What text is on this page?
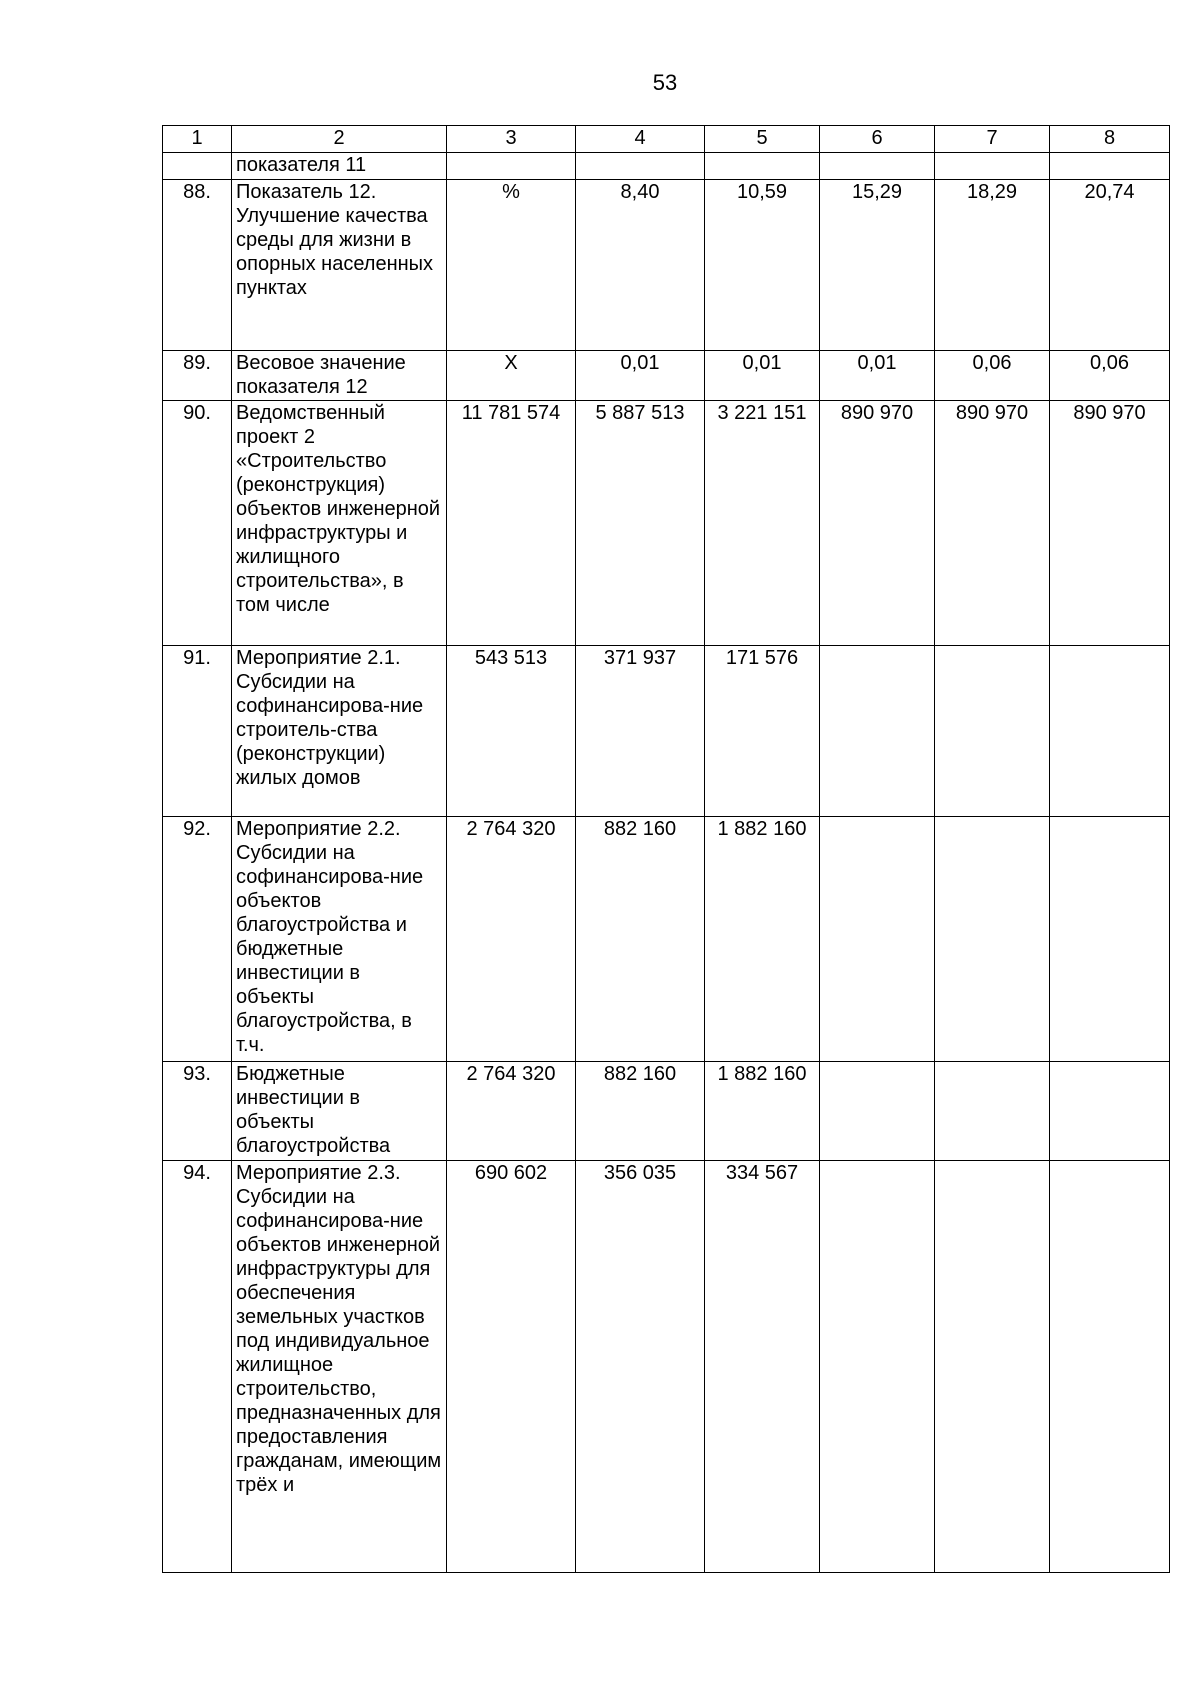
53
1	2	3	4	5	6	7	8
	показателя 11						
88.	Показатель 12. Улучшение качества среды для жизни в опорных населенных пунктах	%	8,40	10,59	15,29	18,29	20,74
89.	Весовое значение показателя 12	Х	0,01	0,01	0,01	0,06	0,06
90.	Ведомственный проект 2 «Строительство (реконструкция) объектов инженерной инфраструктуры и жилищного строительства», в том числе	11 781 574	5 887 513	3 221 151	890 970	890 970	890 970
91.	Мероприятие 2.1. Субсидии на софинансирова-ние строитель-ства (реконструкции) жилых домов	543 513	371 937	171 576			
92.	Мероприятие 2.2. Субсидии на софинансирова-ние объектов благоустройства и бюджетные инвестиции в объекты благоустройства, в т.ч.	2 764 320	882 160	1 882 160			
93.	Бюджетные инвестиции в объекты благоустройства	2 764 320	882 160	1 882 160			
94.	Мероприятие 2.3. Субсидии на софинансирова-ние объектов инженерной инфраструктуры для обеспечения земельных участков под индивидуальное жилищное строительство, предназначенных для предоставления гражданам, имеющим трёх и	690 602	356 035	334 567			
